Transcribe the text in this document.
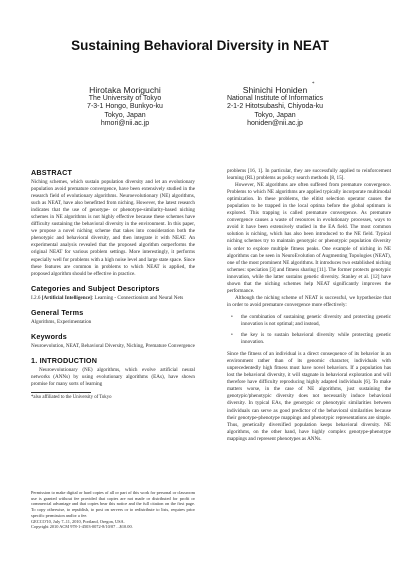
Sustaining Behavioral Diversity in NEAT
Hirotaka Moriguchi
The University of Tokyo
7-3-1 Hongo, Bunkyo-ku
Tokyo, Japan
hmori@nii.ac.jp
Shinichi Honiden
National Institute of Informatics
2-1-2 Hitotsubashi, Chiyoda-ku
Tokyo, Japan
honiden@nii.ac.jp
*
ABSTRACT
Niching schemes, which sustain population diversity and let an evolutionary population avoid premature convergence, have been extensively studied in the research field of evolutionary algorithms. Neuroevolutionary (NE) algorithms, such as NEAT, have also benefitted from niching. However, the latest research indicates that the use of genotype- or phenotype-similarity-based niching schemes in NE algorithms is not highly effective because these schemes have difficulty sustaining the behavioral diversity in the environment. In this paper, we propose a novel niching scheme that takes into consideration both the phenotypic and behavioral diversity, and then integrate it with NEAT. An experimental analysis revealed that the proposed algorithm outperforms the original NEAT for various problem settings. More interestingly, it performs especially well for problems with a high noise level and large state space. Since these features are common in problems to which NEAT is applied, the proposed algorithm should be effective in practice.
Categories and Subject Descriptors
I.2.6 [Artificial Intelligence]: Learning - Connectionism and Neural Nets
General Terms
Algorithms, Experimentation
Keywords
Neuroevolution, NEAT, Behavioral Diversity, Niching, Premature Convergence
1. INTRODUCTION
Neuroevolutionary (NE) algorithms, which evolve artificial neural networks (ANNs) by using evolutionary algorithms (EAs), have shown promise for many sorts of learning
*also affiliated to the University of Tokyo
Permission to make digital or hard copies of all or part of this work for personal or classroom use is granted without fee provided that copies are not made or distributed for profit or commercial advantage and that copies bear this notice and the full citation on the first page. To copy otherwise, to republish, to post on servers or to redistribute to lists, requires prior specific permission and/or a fee.
GECCO'10, July 7–11, 2010, Portland, Oregon, USA.
Copyright 2010 ACM 978-1-4503-0072-8/10/07 ...$10.00.
problems [16, 1]. In particular, they are successfully applied to reinforcement learning (RL) problems as policy search methods [8, 15].
However, NE algorithms are often suffered from premature convergence. Problems to which NE algorithms are applied typically incorporate multimodal optimization. In these problems, the elitist selection operator causes the population to be trapped in the local optima before the global optimum is explored. This trapping is called premature convergence. As premature convergence causes a waste of resources in evolutionary processes, ways to avoid it have been extensively studied in the EA field. The most common solution is niching, which has also been introduced to the NE field. Typical niching schemes try to maintain genotypic or phenotypic population diversity in order to explore multiple fitness peaks. One example of niching in NE algorithms can be seen in NeuroEvolution of Augmenting Topologies (NEAT), one of the most prominent NE algorithms. It introduces two established niching schemes: speciation [3] and fitness sharing [11]. The former protects genotypic innovation, while the latter sustains genetic diversity. Stanley et al. [12] have shown that the niching schemes help NEAT significantly improves the performance.
Although the niching scheme of NEAT is successful, we hypothesize that in order to avoid premature convergence more effectively:
• the combination of sustaining genetic diversity and protecting genetic innovation is not optimal; and instead,
• the key is to sustain behavioral diversity while protecting genetic innovation.
Since the fitness of an individual is a direct consequence of its behavior in an environment rather than of its genomic character, individuals with unprecedentedly high fitness must have novel behaviors. If a population has lost the behavioral diversity, it will stagnate in behavioral exploration and will therefore have difficulty reproducing highly adapted individuals [6]. To make matters worse, in the case of NE algorithms, just sustaining the genotypic/phenotypic diversity does not necessarily induce behavioral diversity. In typical EAs, the genotypic or phenotypic similarities between individuals can serve as good predictor of the behavioral similarities because their genotype-phenotype mappings and phenotypic representations are simple. Thus, genetically diversified population keeps behavioral diversity. NE algorithms, on the other hand, have highly complex genotype-phenotype mappings and represent phenotypes as ANNs.
